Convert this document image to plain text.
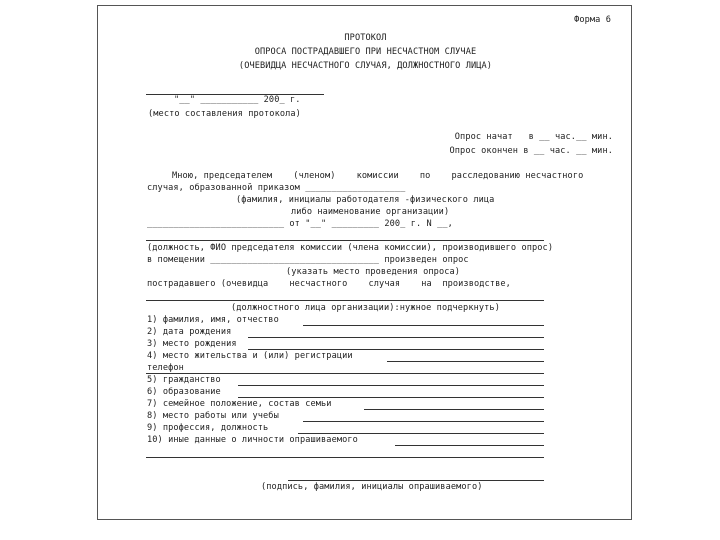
Форма 6
ПРОТОКОЛ
ОПРОСА ПОСТРАДАВШЕГО ПРИ НЕСЧАСТНОМ СЛУЧАЕ
(ОЧЕВИДЦА НЕСЧАСТНОГО СЛУЧАЯ, ДОЛЖНОСТНОГО ЛИЦА)
"__" ___________ 200_ г.
(место составления протокола)
Опрос начат   в __ час.__ мин.
Опрос окончен в __ час. __ мин.
Мною, председателем    (членом)    комиссии    по    расследованию несчастного
случая, образованной приказом ___________________
(фамилия, инициалы работодателя -физического лица
либо наименование организации)
__________________________ от "__" _________ 200_ г. N __,
(должность, ФИО председателя комиссии (члена комиссии), производившего опрос)
в помещении ________________________________ произведен опрос
(указать место проведения опроса)
пострадавшего (очевидца    несчастного    случая    на  производстве,
(должностного лица организации):нужное подчеркнуть)
1) фамилия, имя, отчество
2) дата рождения
3) место рождения
4) место жительства и (или) регистрации
телефон
5) гражданство
6) образование
7) семейное положение, состав семьи
8) место работы или учебы
9) профессия, должность
10) иные данные о личности опрашиваемого
(подпись, фамилия, инициалы опрашиваемого)
